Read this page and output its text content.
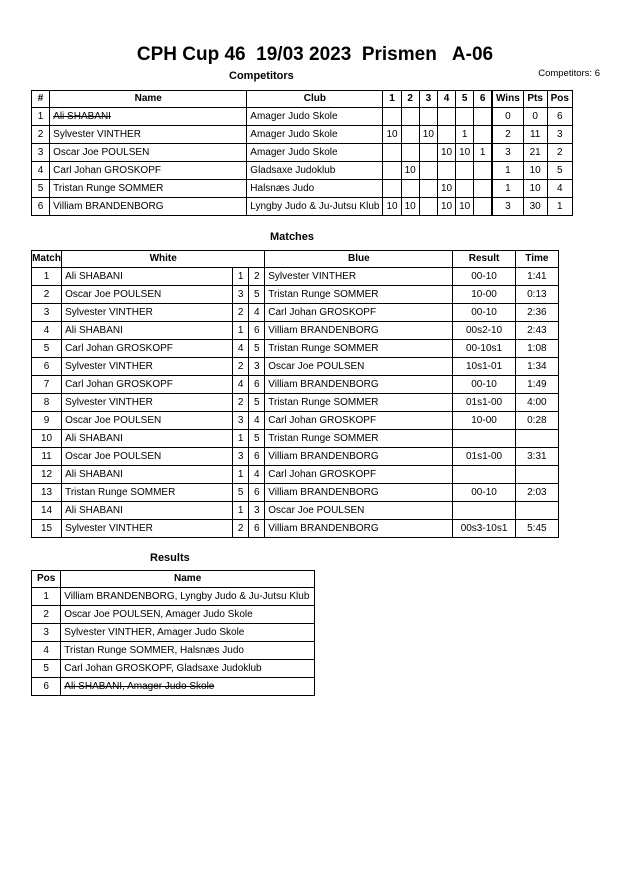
CPH Cup 46  19/03 2023  Prismen   A-06
Competitors	Competitors: 6
#	Name	Club	1	2	3	4	5	6	Wins	Pts	Pos
1	Ali SHABANI	Amager Judo Skole							0	0	6
2	Sylvester VINTHER	Amager Judo Skole	10		10		1		2	11	3
3	Oscar Joe POULSEN	Amager Judo Skole				10	10	1	3	21	2
4	Carl Johan GROSKOPF	Gladsaxe Judoklub		10					1	10	5
5	Tristan Runge SOMMER	Halsnæs Judo				10			1	10	4
6	Villiam BRANDENBORG	Lyngby Judo & Ju-Jutsu Klub	10	10		10	10		3	30	1
Matches
Match	White			Blue	Result	Time
1	Ali SHABANI	1	2	Sylvester VINTHER	00-10	1:41
2	Oscar Joe POULSEN	3	5	Tristan Runge SOMMER	10-00	0:13
3	Sylvester VINTHER	2	4	Carl Johan GROSKOPF	00-10	2:36
4	Ali SHABANI	1	6	Villiam BRANDENBORG	00s2-10	2:43
5	Carl Johan GROSKOPF	4	5	Tristan Runge SOMMER	00-10s1	1:08
6	Sylvester VINTHER	2	3	Oscar Joe POULSEN	10s1-01	1:34
7	Carl Johan GROSKOPF	4	6	Villiam BRANDENBORG	00-10	1:49
8	Sylvester VINTHER	2	5	Tristan Runge SOMMER	01s1-00	4:00
9	Oscar Joe POULSEN	3	4	Carl Johan GROSKOPF	10-00	0:28
10	Ali SHABANI	1	5	Tristan Runge SOMMER		
11	Oscar Joe POULSEN	3	6	Villiam BRANDENBORG	01s1-00	3:31
12	Ali SHABANI	1	4	Carl Johan GROSKOPF		
13	Tristan Runge SOMMER	5	6	Villiam BRANDENBORG	00-10	2:03
14	Ali SHABANI	1	3	Oscar Joe POULSEN		
15	Sylvester VINTHER	2	6	Villiam BRANDENBORG	00s3-10s1	5:45
Results
Pos	Name
1	Villiam BRANDENBORG, Lyngby Judo & Ju-Jutsu Klub
2	Oscar Joe POULSEN, Amager Judo Skole
3	Sylvester VINTHER, Amager Judo Skole
4	Tristan Runge SOMMER, Halsnæs Judo
5	Carl Johan GROSKOPF, Gladsaxe Judoklub
6	Ali SHABANI, Amager Judo Skole
